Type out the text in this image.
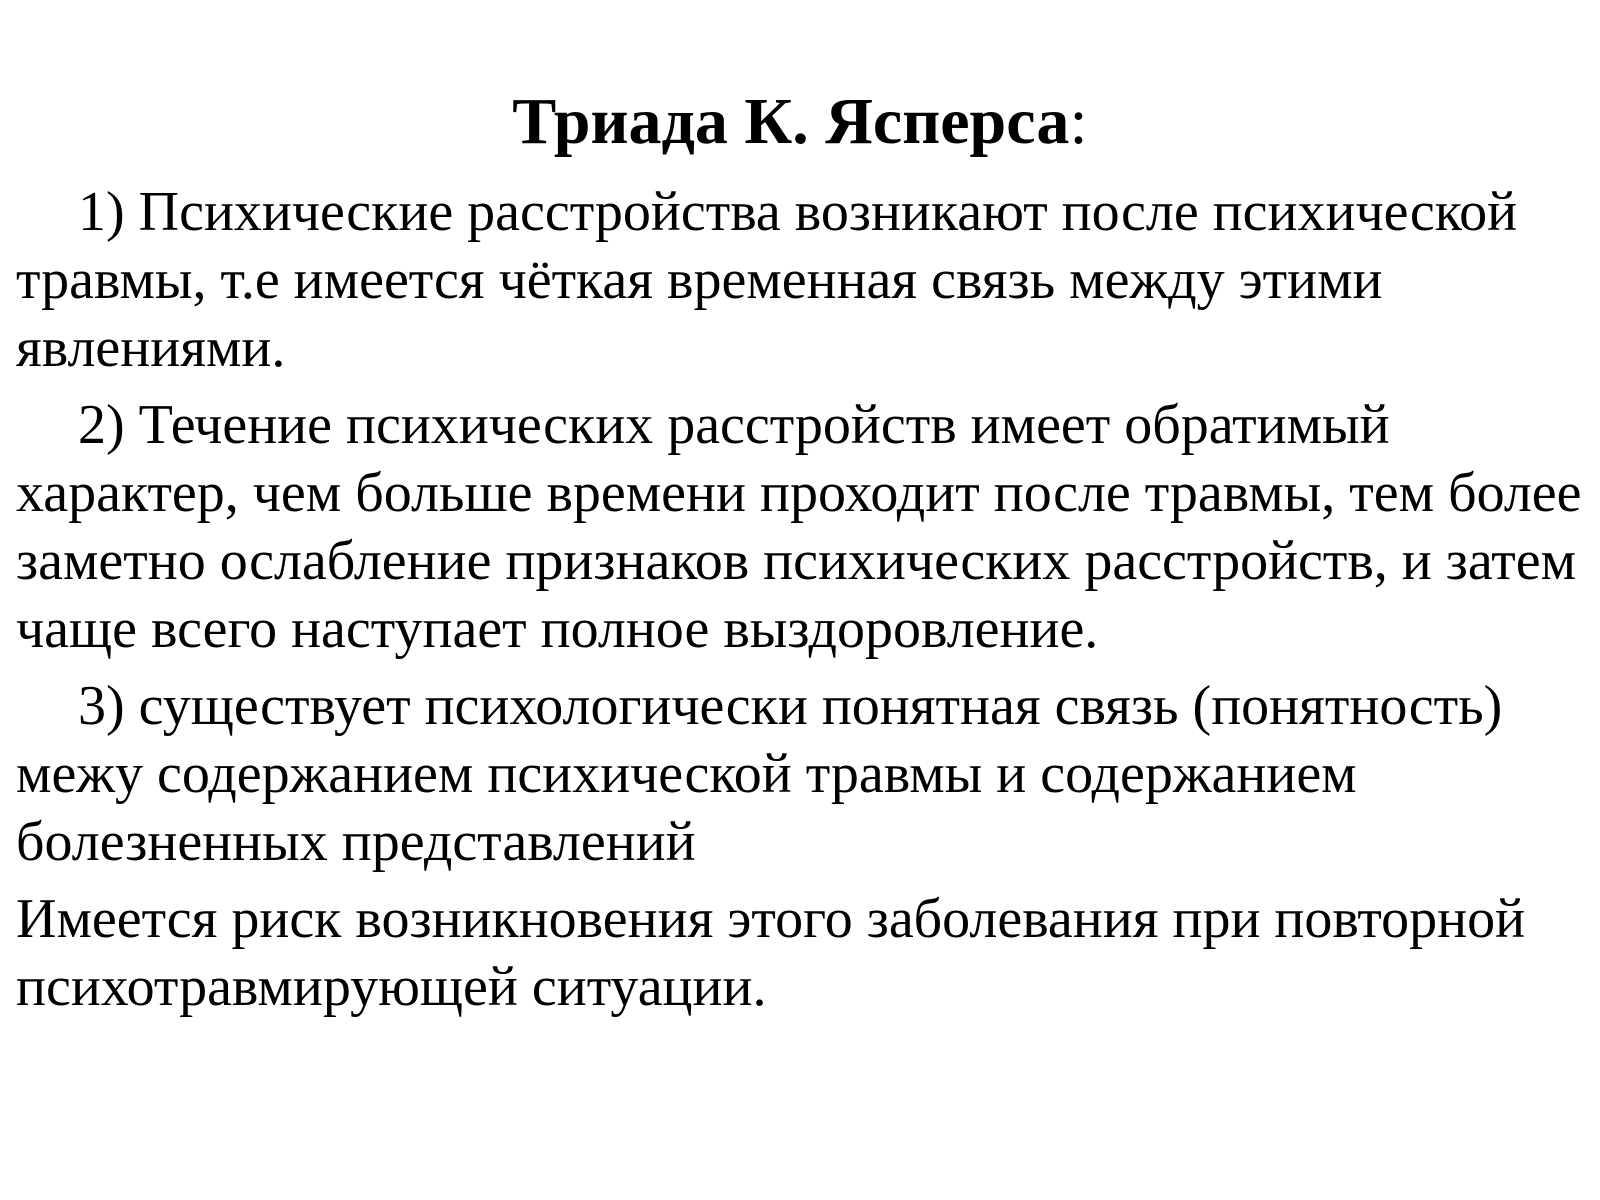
Триада К. Ясперса:

1) Психические расстройства возникают после психической травмы, т.е имеется чёткая временная связь между этими явлениями.

2) Течение психических расстройств имеет обратимый характер, чем больше времени проходит после травмы, тем более заметно ослабление признаков психических расстройств, и затем чаще всего наступает полное выздоровление.

3) существует психологически понятная связь (понятность) межу содержанием психической травмы и содержанием болезненных представлений

Имеется риск возникновения этого заболевания при повторной психотравмирующей ситуации.
